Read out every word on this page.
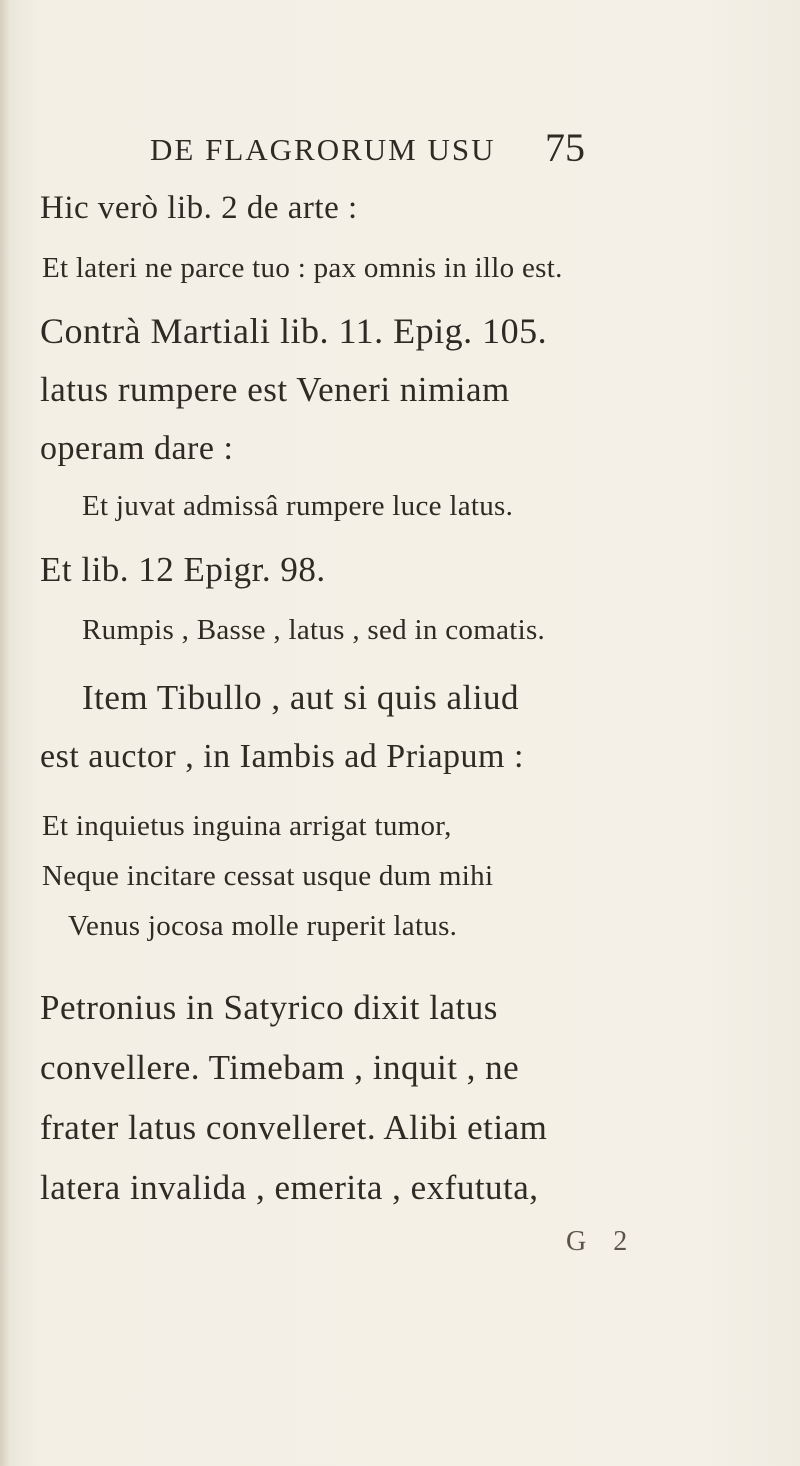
DE FLAGRORUM USU 75
Hic verò lib. 2 de arte :
Et lateri ne parce tuo : pax omnis in illo est.
Contrà Martiali lib. 11. Epig. 105.
latus rumpere est Veneri nimiam
operam dare :
Et juvat admissâ rumpere luce latus.
Et lib. 12 Epigr. 98.
Rumpis , Basse , latus , sed in comatis.
Item Tibullo , aut si quis aliud
est auctor , in Iambis ad Priapum :
Et inquietus inguina arrigat tumor,
Neque incitare cessat usque dum mihi
Venus jocosa molle ruperit latus.
Petronius in Satyrico dixit latus
convellere. Timebam , inquit , ne
frater latus convelleret. Alibi etiam
latera invalida , emerita , exfututa,
G 2
